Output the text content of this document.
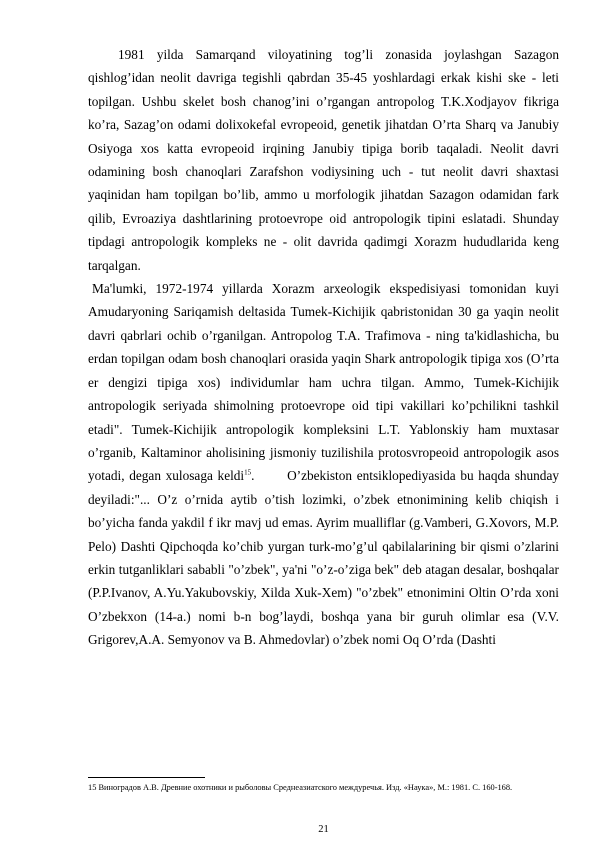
1981 yilda Samarqand viloyatining tog’li zonasida joylashgan Sazagon qishlog’idan neolit davriga tegishli qabrdan 35-45 yoshlardagi erkak kishi ske - leti topilgan. Ushbu skelet bosh chanog’ini o’rgangan antropolog T.K.Xodjayov fikriga ko’ra, Sazag’on odami dolixokefal evropeoid, genetik jihatdan O’rta Sharq va Janubiy Osiyoga xos katta evropeoid irqining Janubiy tipiga borib taqaladi. Neolit davri odamining bosh chanoqlari Zarafshon vodiysining uch - tut neolit davri shaxtasi yaqinidan ham topilgan bo’lib, ammo u morfologik jihatdan Sazagon odamidan fark qilib, Evroaziya dashtlarining protoevrope oid antropologik tipini eslatadi. Shunday tipdagi antropologik kompleks ne - olit davrida qadimgi Xorazm hududlarida keng tarqalgan.

Ma'lumki, 1972-1974 yillarda Xorazm arxeologik ekspedisiyasi tomonidan kuyi Amudaryoning Sariqamish deltasida Tumek-Kichijik qabristonidan 30 ga yaqin neolit davri qabrlari ochib o’rganilgan. Antropolog T.A. Trafimova - ning ta'kidlashicha, bu erdan topilgan odam bosh chanoqlari orasida yaqin Shark antropologik tipiga xos (O’rta er dengizi tipiga xos) individumlar ham uchra tilgan. Ammo, Tumek-Kichijik antropologik seriyada shimolning protoevrope oid tipi vakillari ko’pchilikni tashkil etadi". Tumek-Kichijik antropologik kompleksini L.T. Yablonskiy ham muxtasar o’rganib, Kaltaminor aholisining jismoniy tuzilishila protosvropeoid antropologik asos yotadi, degan xulosaga keldi$^{15}$.       O’zbekiston entsiklopediyasida bu haqda shunday deyiladi:"... O’z o’rnida aytib o’tish lozimki, o’zbek etnonimining kelib chiqish i bo’yicha fanda yakdil f ikr mavj ud emas. Ayrim mualliflar (g.Vamberi, G.Xovors, M.P. Pelo) Dashti Qipchoqda ko’chib yurgan turk-mo’g’ul qabilalarining bir qismi o’zlarini erkin tutganliklari sababli "o’zbek", ya'ni "o’z-o’ziga bek" deb atagan desalar, boshqalar (P.P.Ivanov, A.Yu.Yakubovskiy, Xilda Xuk-Xem) "o’zbek" etnonimini Oltin O’rda xoni O’zbekxon (14-a.) nomi b-n bog’laydi, boshqa yana bir guruh olimlar esa (V.V. Grigorev,A.A. Semyonov va B. Ahmedovlar) o’zbek nomi Oq O’rda (Dashti

15 Виноградов А.В. Древние охотники и рыболовы Среднеазиатского междуречья. Изд. «Наука», М.: 1981. С. 160-168.

21
